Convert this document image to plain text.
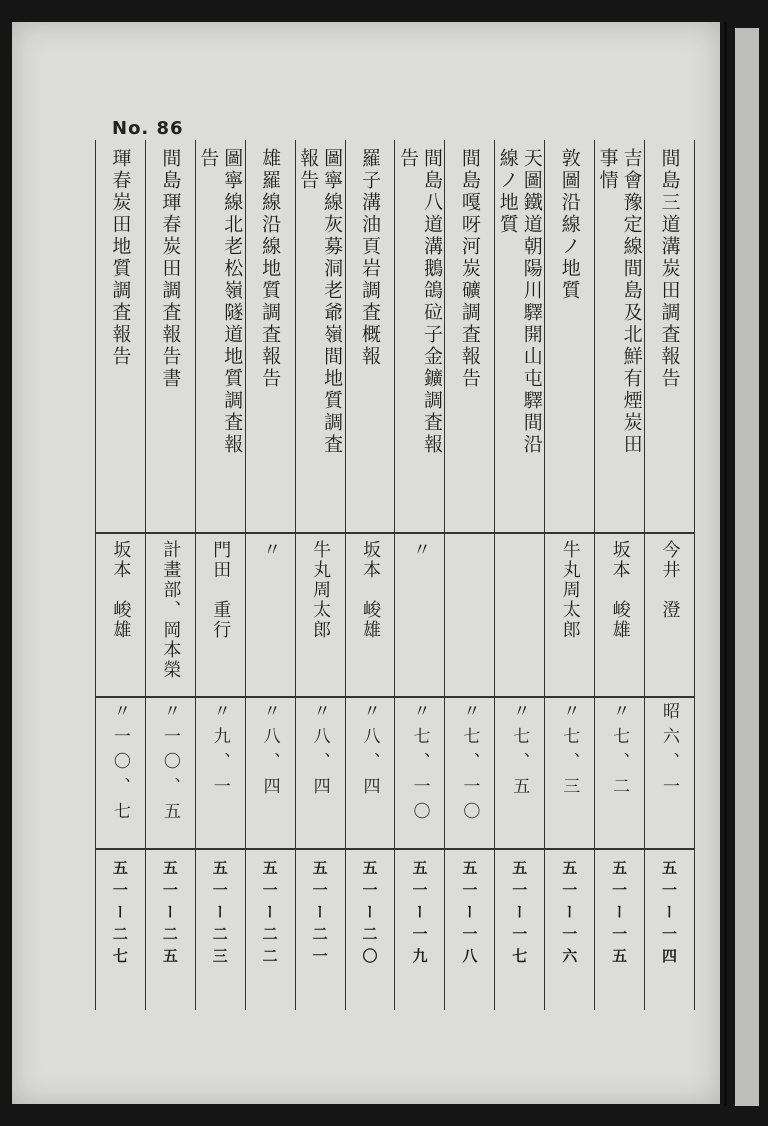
No. 86
間島三道溝炭田調査報告
今井　澄
昭六、一
五一ー一四
吉會豫定線間島及北鮮有煙炭田
事情
坂本　峻雄
〃七、二
五一ー一五
敦圖沿線ノ地質
牛丸周太郎
〃七、三
五一ー一六
天圖鐵道朝陽川驛開山屯驛間沿
線ノ地質
〃七、五
五一ー一七
間島嘎呀河炭礦調査報告
〃七、一〇
五一ー一八
間島八道溝鵝鴿砬子金鑛調査報
告
〃
〃七、一〇
五一ー一九
羅子溝油頁岩調査概報
坂本　峻雄
〃八、四
五一ー二〇
圖寧線灰募洞老爺嶺間地質調査
報告
牛丸周太郎
〃八、四
五一ー二一
雄羅線沿線地質調査報告
〃
〃八、四
五一ー二二
圖寧線北老松嶺隧道地質調査報
告
門田　重行
〃九、一
五一ー二三
間島琿春炭田調査報告書
計畫部、岡本榮
〃一〇、五
五一ー二五
琿春炭田地質調査報告
坂本　峻雄
〃一〇、七
五一ー二七
